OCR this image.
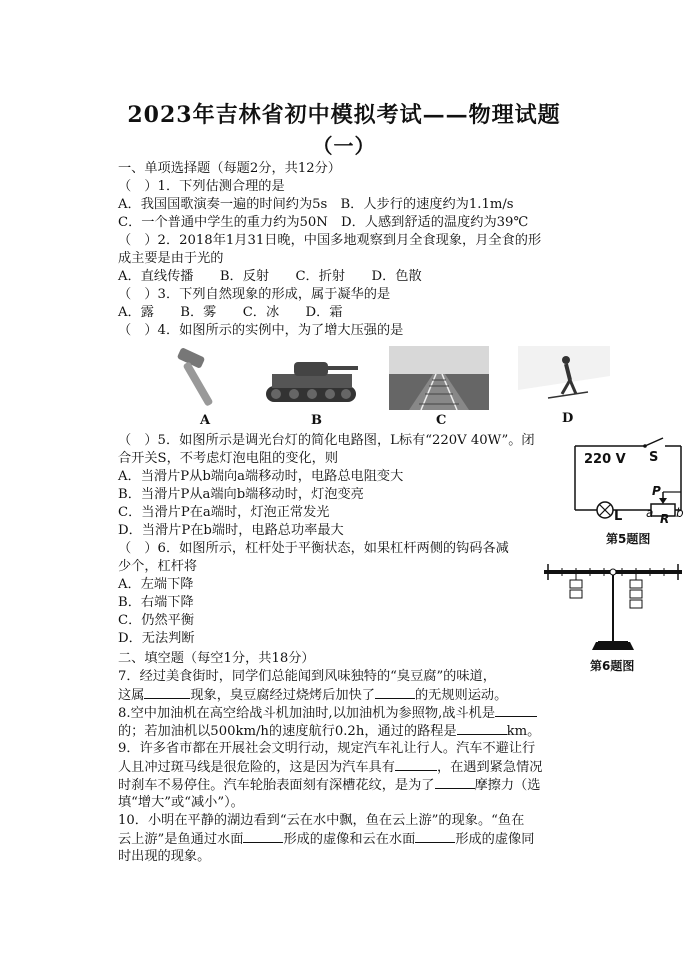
2023年吉林省初中模拟考试——物理试题
（一）
一、单项选择题（每题2分，共12分）
（　）1．下列估测合理的是
A．我国国歌演奏一遍的时间约为5s　B．人步行的速度约为1.1m/s
C．一个普通中学生的重力约为50N　D．人感到舒适的温度约为39℃
（　）2．2018年1月31日晚，中国多地观察到月全食现象，月全食的形
成主要是由于光的
A．直线传播　　B．反射　　C．折射　　D．色散
（　）3．下列自然现象的形成，属于凝华的是
A．露　　B．雾　　C．冰　　D．霜
（　）4．如图所示的实例中，为了增大压强的是
A	B	C	D
（　）5．如图所示是调光台灯的简化电路图，L标有“220V 40W”。闭
合开关S，不考虑灯泡电阻的变化，则
A．当滑片P从b端向a端移动时，电路总电阻变大
B．当滑片P从a端向b端移动时，灯泡变亮
C．当滑片P在a端时，灯泡正常发光
D．当滑片P在b端时，电路总功率最大
220 V S
P
L a R b
第5题图
（　）6．如图所示，杠杆处于平衡状态，如果杠杆两侧的钩码各减
少个，杠杆将
A．左端下降
B．右端下降
C．仍然平衡
D．无法判断
第6题图
二、填空题（每空1分，共18分）
7．经过美食街时，同学们总能闻到风味独特的“臭豆腐”的味道，
这属	现象，臭豆腐经过烧烤后加快了	的无规则运动。
8.空中加油机在高空给战斗机加油时,以加油机为参照物,战斗机是
的；若加油机以500km/h的速度航行0.2h，通过的路程是	km。
9．许多省市都在开展社会文明行动，规定汽车礼让行人。汽车不避让行
人且冲过斑马线是很危险的，这是因为汽车具有	，在遇到紧急情况
时刹车不易停住。汽车轮胎表面刻有深槽花纹，是为了	摩擦力（选
填“增大”或“减小”）。
10．小明在平静的湖边看到“云在水中飘，鱼在云上游”的现象。“鱼在
云上游”是鱼通过水面	形成的虚像和云在水面	形成的虚像同
时出现的现象。
